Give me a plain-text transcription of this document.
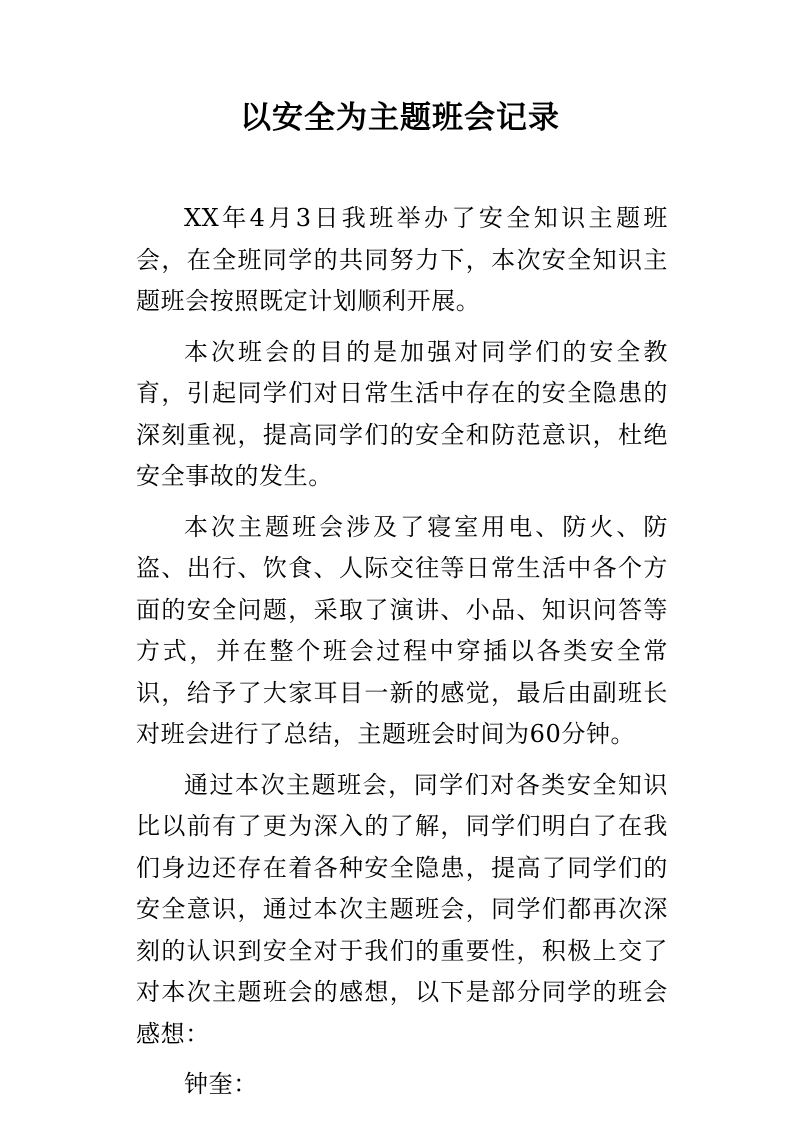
以安全为主题班会记录

XX年4月3日我班举办了安全知识主题班会，在全班同学的共同努力下，本次安全知识主题班会按照既定计划顺利开展。

本次班会的目的是加强对同学们的安全教育，引起同学们对日常生活中存在的安全隐患的深刻重视，提高同学们的安全和防范意识，杜绝安全事故的发生。

本次主题班会涉及了寝室用电、防火、防盗、出行、饮食、人际交往等日常生活中各个方面的安全问题，采取了演讲、小品、知识问答等方式，并在整个班会过程中穿插以各类安全常识，给予了大家耳目一新的感觉，最后由副班长对班会进行了总结，主题班会时间为60分钟。

通过本次主题班会，同学们对各类安全知识比以前有了更为深入的了解，同学们明白了在我们身边还存在着各种安全隐患，提高了同学们的安全意识，通过本次主题班会，同学们都再次深刻的认识到安全对于我们的重要性，积极上交了对本次主题班会的感想，以下是部分同学的班会感想：

钟奎：
